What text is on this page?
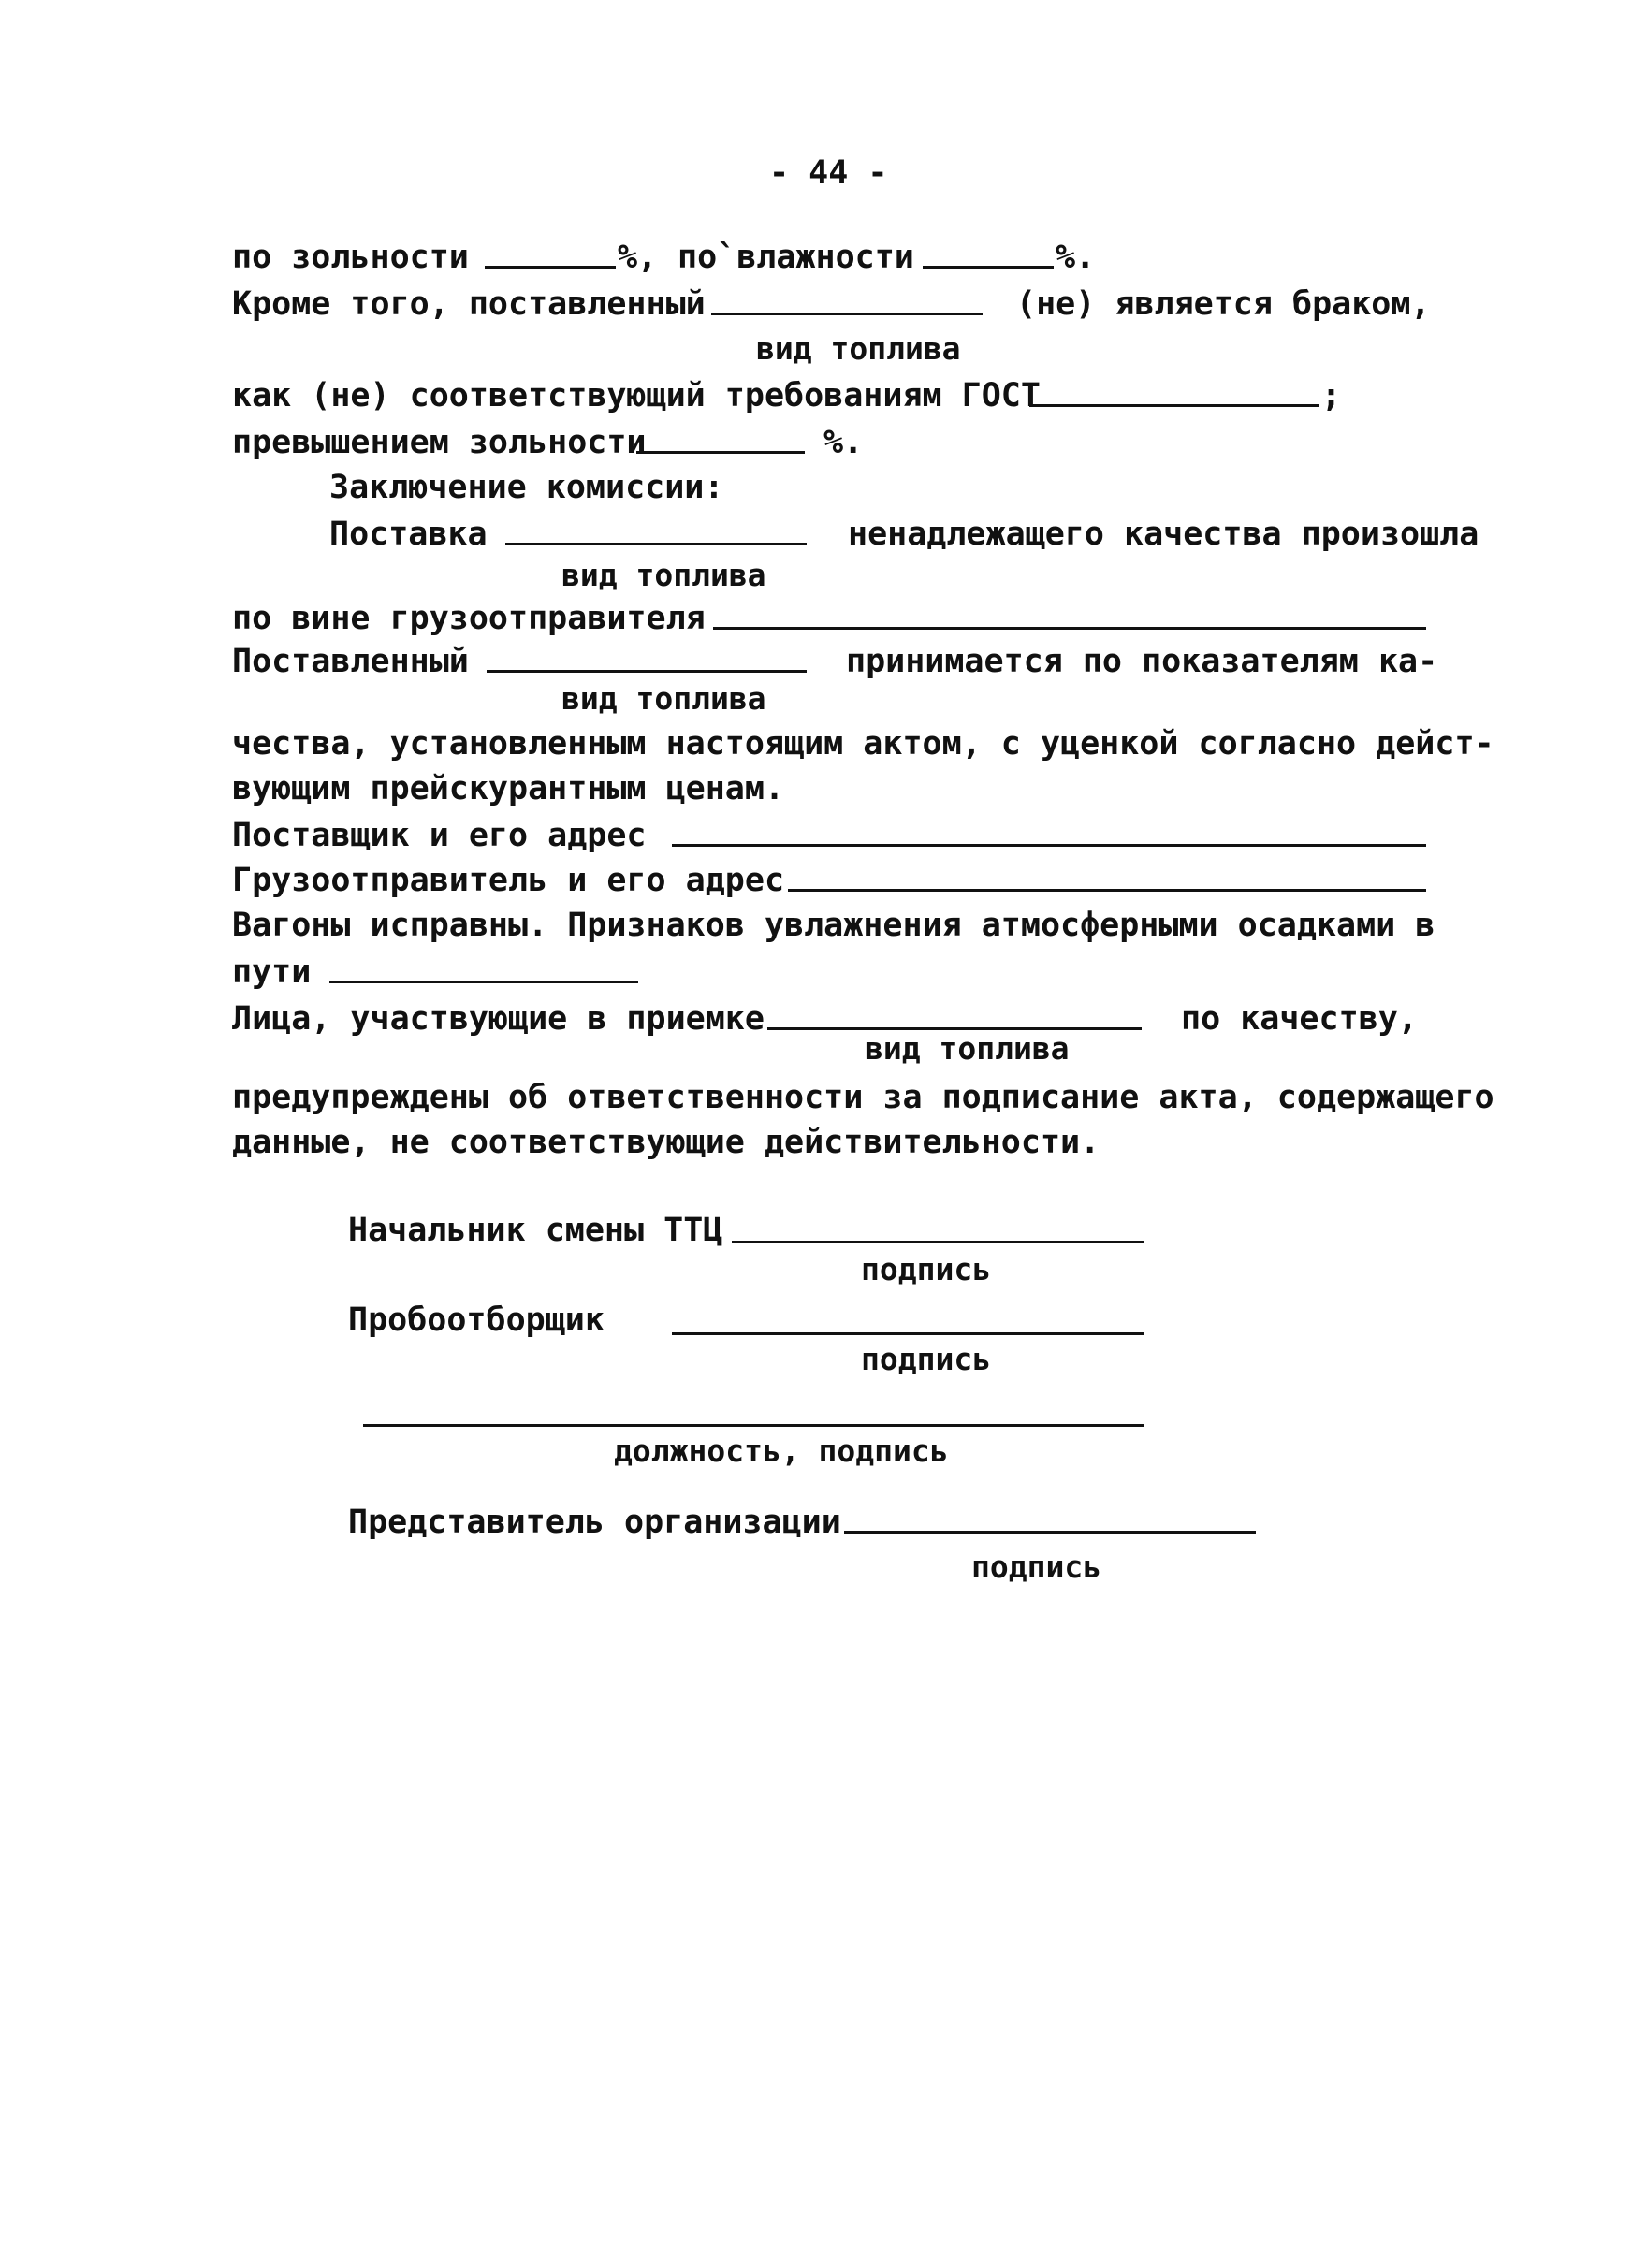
- 44 -
по зольности	%, по`влажности	%.
Кроме того, поставленный	(не) является браком,
вид топлива
как (не) соответствующий требованиям ГОСТ	;
превышением зольности	%.
Заключение комиссии:
Поставка	ненадлежащего качества произошла
вид топлива
по вине грузоотправителя
Поставленный	принимается по показателям ка-
вид топлива
чества, установленным настоящим актом, с уценкой согласно дейст-
вующим прейскурантным ценам.
Поставщик и его адрес
Грузоотправитель и его адрес
Вагоны исправны. Признаков увлажнения атмосферными осадками в
пути
Лица, участвующие в приемке	по качеству,
вид топлива
предупреждены об ответственности за подписание акта, содержащего
данные, не соответствующие действительности.
Начальник смены ТТЦ
подпись
Пробоотборщик
подпись
должность, подпись
Представитель организации
подпись
